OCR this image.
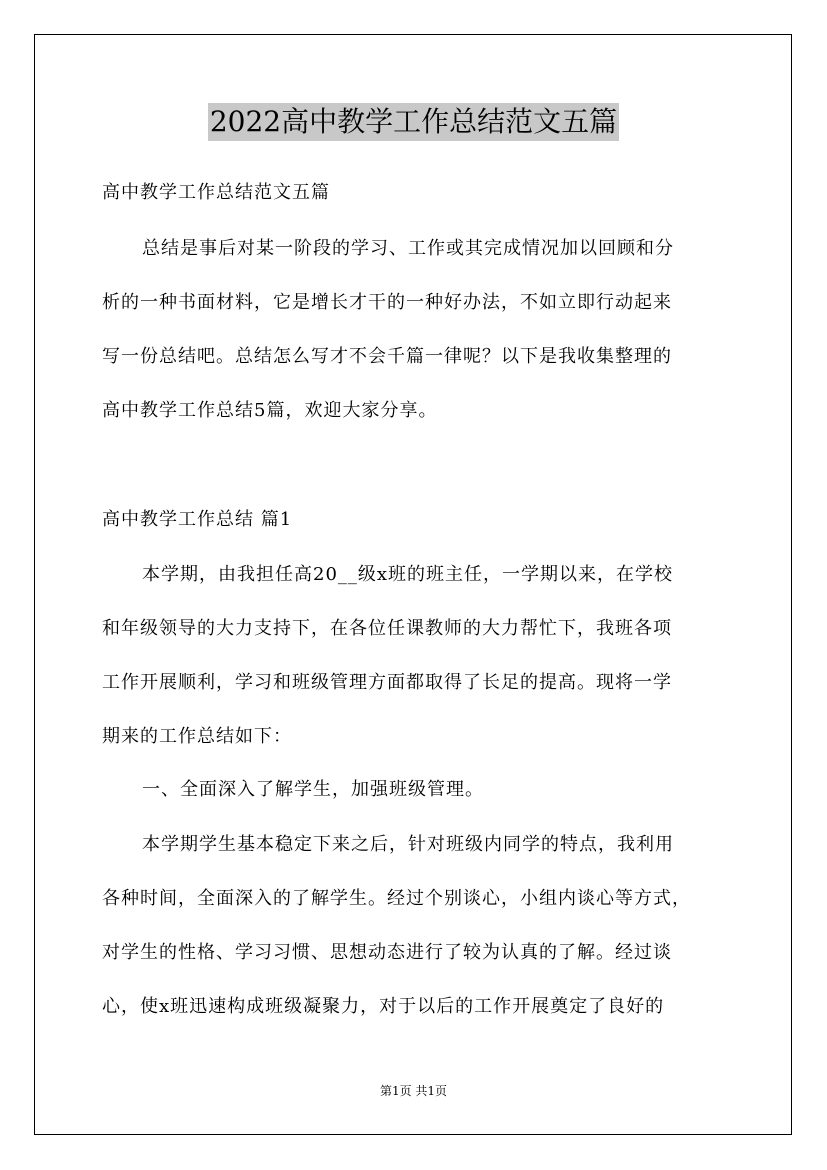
2022高中教学工作总结范文五篇
高中教学工作总结范文五篇
总结是事后对某一阶段的学习、工作或其完成情况加以回顾和分
析的一种书面材料，它是增长才干的一种好办法，不如立即行动起来
写一份总结吧。总结怎么写才不会千篇一律呢？以下是我收集整理的
高中教学工作总结5篇，欢迎大家分享。
高中教学工作总结 篇1
本学期，由我担任高20__级x班的班主任，一学期以来，在学校
和年级领导的大力支持下，在各位任课教师的大力帮忙下，我班各项
工作开展顺利，学习和班级管理方面都取得了长足的提高。现将一学
期来的工作总结如下：
一、全面深入了解学生，加强班级管理。
本学期学生基本稳定下来之后，针对班级内同学的特点，我利用
各种时间，全面深入的了解学生。经过个别谈心，小组内谈心等方式，
对学生的性格、学习习惯、思想动态进行了较为认真的了解。经过谈
心，使x班迅速构成班级凝聚力，对于以后的工作开展奠定了良好的
第1页 共1页
